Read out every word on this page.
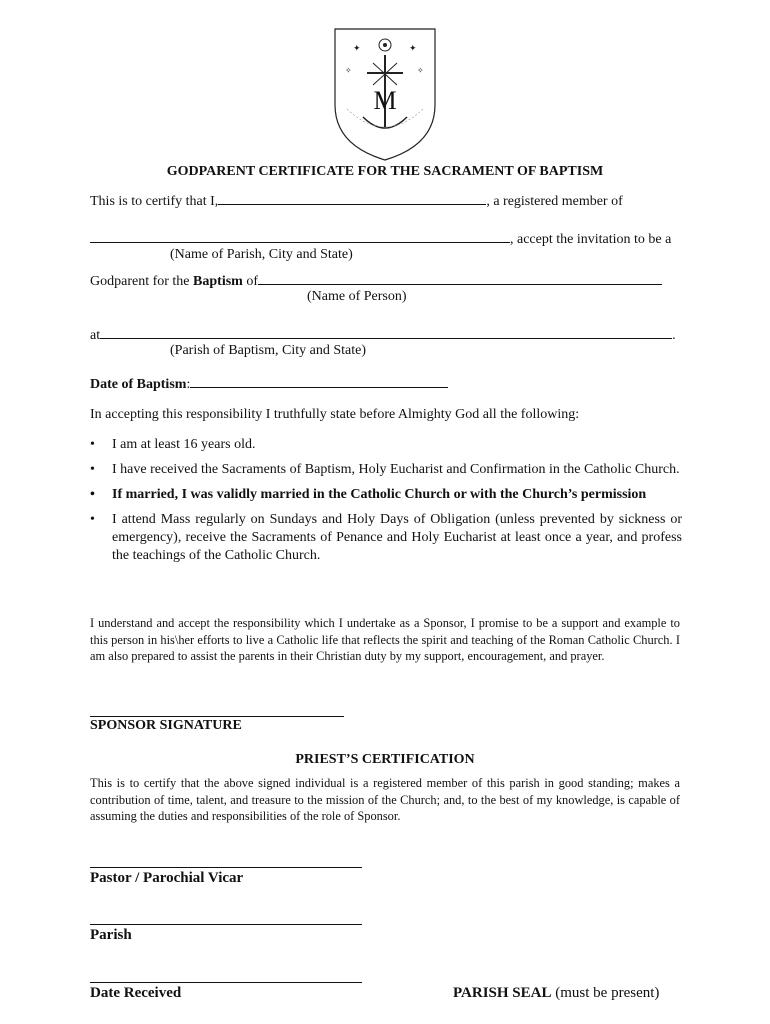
✦	✦
✧	✧
M
GODPARENT CERTIFICATE FOR THE SACRAMENT OF BAPTISM
This is to certify that I,	, a registered member of
, accept the invitation to be a
(Name of Parish, City and State)
Godparent for the Baptism of
(Name of Person)
at	.
(Parish of Baptism, City and State)
Date of Baptism:
In accepting this responsibility I truthfully state before Almighty God all the following:
• I am at least 16 years old.
• I have received the Sacraments of Baptism, Holy Eucharist and Confirmation in the Catholic Church.
• If married, I was validly married in the Catholic Church or with the Church’s permission
• I attend Mass regularly on Sundays and Holy Days of Obligation (unless prevented by sickness or emergency), receive the Sacraments of Penance and Holy Eucharist at least once a year, and profess the teachings of the Catholic Church.
I understand and accept the responsibility which I undertake as a Sponsor, I promise to be a support and example to this person in his\her efforts to live a Catholic life that reflects the spirit and teaching of the Roman Catholic Church. I am also prepared to assist the parents in their Christian duty by my support, encouragement, and prayer.
SPONSOR SIGNATURE
PRIEST’S CERTIFICATION
This is to certify that the above signed individual is a registered member of this parish in good standing; makes a contribution of time, talent, and treasure to the mission of the Church; and, to the best of my knowledge, is capable of assuming the duties and responsibilities of the role of Sponsor.
Pastor / Parochial Vicar
Parish
Date Received	PARISH SEAL (must be present)
